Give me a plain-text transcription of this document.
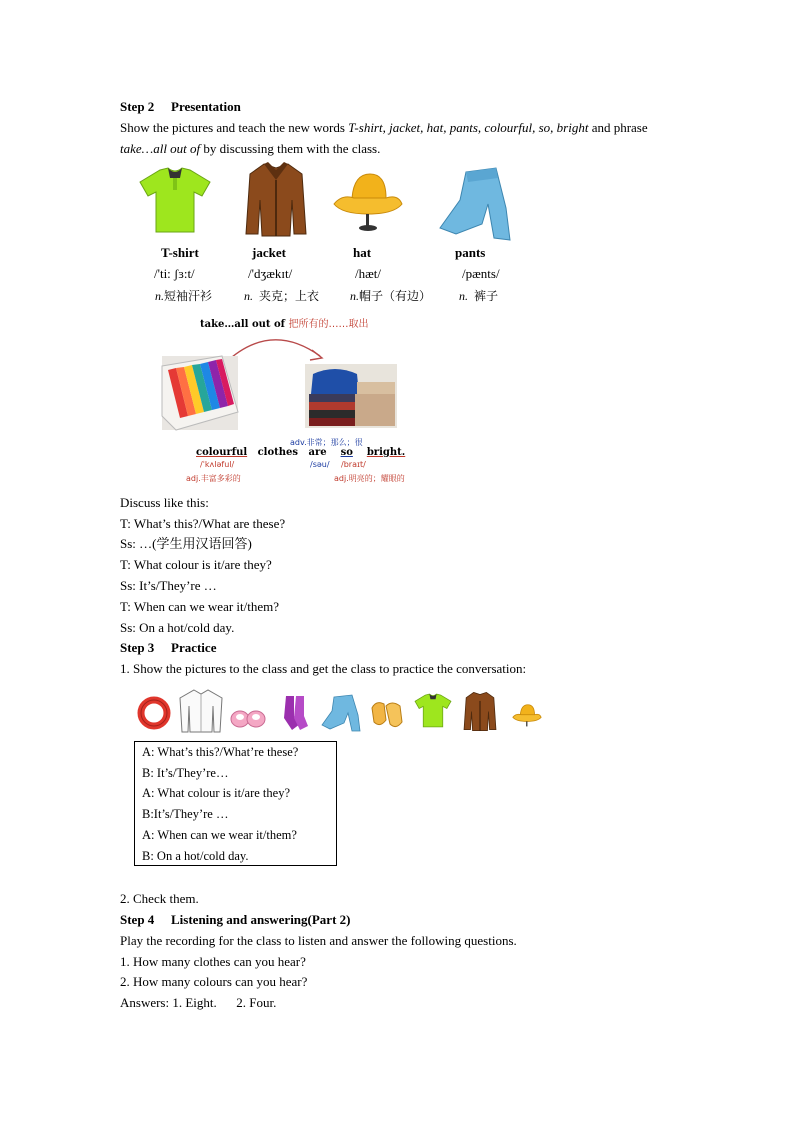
Step 2 Presentation
Show the pictures and teach the new words T-shirt, jacket, hat, pants, colourful, so, bright and phrase
take…all out of by discussing them with the class.
T-shirt	jacket	hat	pants
/'ti: ʃɜ:t/	/'dʒækɪt/	/hæt/	/pænts/
n.短袖汗衫	n. 夹克；上衣	n.帽子（有边） n. 裤子
take…all out of 把所有的……取出
adv.非常；那么；很
colourful clothes are so bright.
/ˈkʌləful/	/səu/ /braɪt/
adj.丰富多彩的	adj.明亮的；耀眼的
Discuss like this:
T: What’s this?/What are these?
Ss: …(学生用汉语回答)
T: What colour is it/are they?
Ss: It’s/They’re …
T: When can we wear it/them?
Ss: On a hot/cold day.
Step 3 Practice
1. Show the pictures to the class and get the class to practice the conversation:
A: What’s this?/What’re these?
B: It’s/They’re…
A: What colour is it/are they?
B:It’s/They’re …
A: When can we wear it/them?
B: On a hot/cold day.
2. Check them.
Step 4 Listening and answering(Part 2)
Play the recording for the class to listen and answer the following questions.
1. How many clothes can you hear?
2. How many colours can you hear?
Answers: 1. Eight.      2. Four.
